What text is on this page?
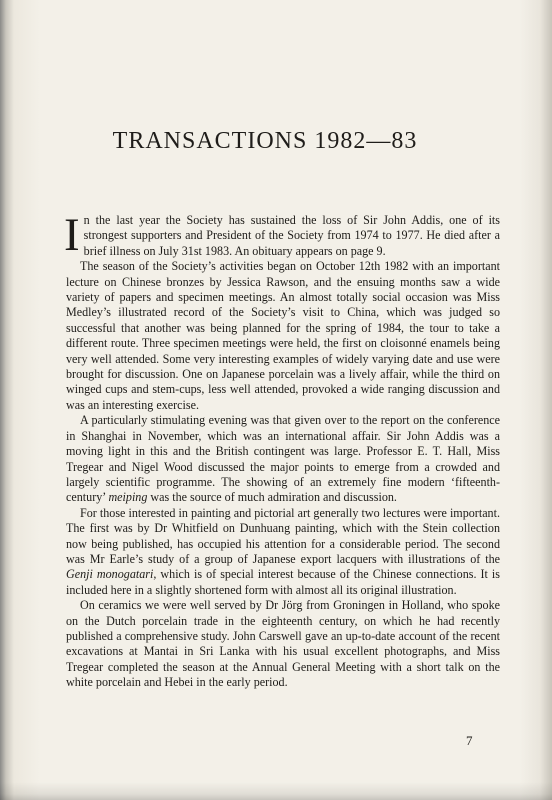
TRANSACTIONS 1982—83

In the last year the Society has sustained the loss of Sir John Addis, one of its strongest supporters and President of the Society from 1974 to 1977. He died after a brief illness on July 31st 1983. An obituary appears on page 9.

The season of the Society’s activities began on October 12th 1982 with an important lecture on Chinese bronzes by Jessica Rawson, and the ensuing months saw a wide variety of papers and specimen meetings. An almost totally social occasion was Miss Medley’s illustrated record of the Society’s visit to China, which was judged so successful that another was being planned for the spring of 1984, the tour to take a different route. Three specimen meetings were held, the first on cloisonné enamels being very well attended. Some very interesting examples of widely varying date and use were brought for discussion. One on Japanese porcelain was a lively affair, while the third on winged cups and stem-cups, less well attended, provoked a wide ranging discussion and was an interesting exercise.

A particularly stimulating evening was that given over to the report on the conference in Shanghai in November, which was an international affair. Sir John Addis was a moving light in this and the British contingent was large. Professor E. T. Hall, Miss Tregear and Nigel Wood discussed the major points to emerge from a crowded and largely scientific programme. The showing of an extremely fine modern ‘fifteenth-century’ meiping was the source of much admiration and discussion.

For those interested in painting and pictorial art generally two lectures were important. The first was by Dr Whitfield on Dunhuang painting, which with the Stein collection now being published, has occupied his attention for a considerable period. The second was Mr Earle’s study of a group of Japanese export lacquers with illustrations of the Genji monogatari, which is of special interest because of the Chinese connections. It is included here in a slightly shortened form with almost all its original illustration.

On ceramics we were well served by Dr Jörg from Groningen in Holland, who spoke on the Dutch porcelain trade in the eighteenth century, on which he had recently published a comprehensive study. John Carswell gave an up-to-date account of the recent excavations at Mantai in Sri Lanka with his usual excellent photographs, and Miss Tregear completed the season at the Annual General Meeting with a short talk on the white porcelain and Hebei in the early period.

7
